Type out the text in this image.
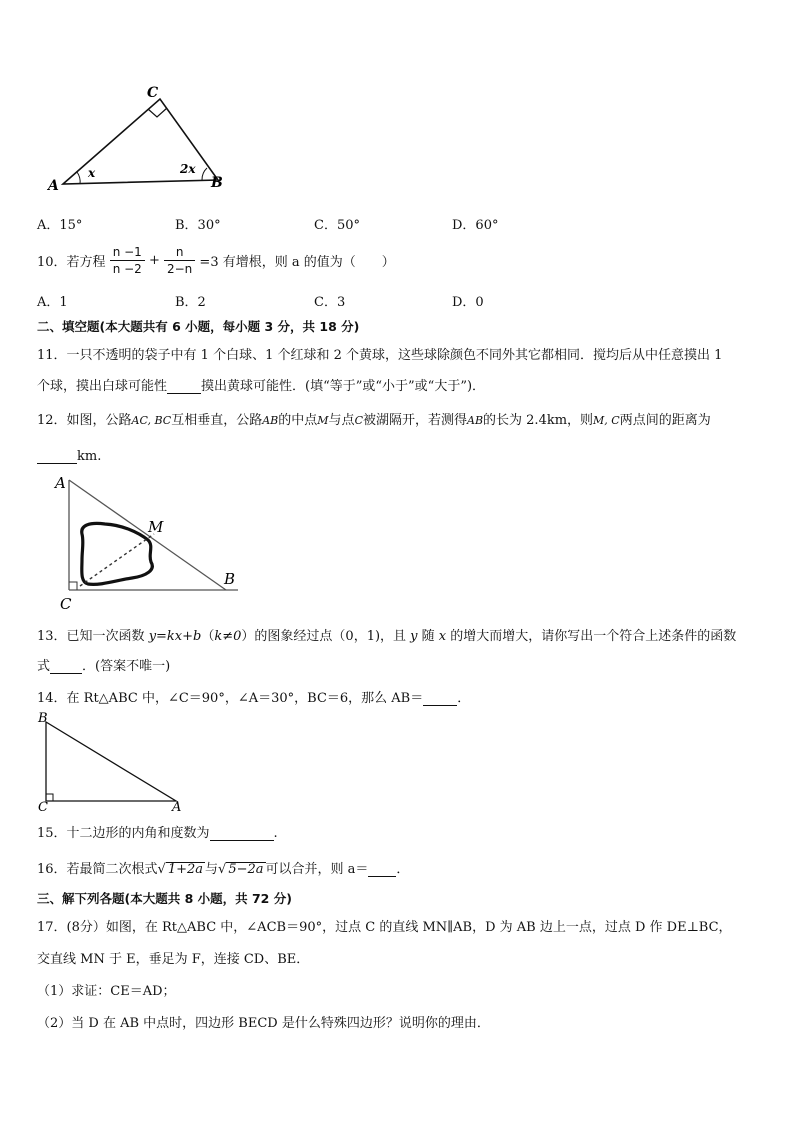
C
A	B
x	2x
A．15°	B．30°	C．50°	D．60°
10．若方程 $\frac{n -1}{n -2} + \frac{n}{2-n} =3$ 有增根，则 a 的值为（　　）
A．1	B．2	C．3	D．0
二、填空题(本大题共有 6 小题，每小题 3 分，共 18 分)
11．一只不透明的袋子中有 1 个白球、1 个红球和 2 个黄球，这些球除颜色不同外其它都相同．搅均后从中任意摸出 1
个球，摸出白球可能性	摸出黄球可能性．(填“等于”或“小于”或“大于”)．
12．如图，公路AC, BC互相垂直，公路AB的中点M与点C被湖隔开，若测得AB的长为 2.4km，则M, C两点间的距离为
km.
A
M
B
C
13．已知一次函数 y=kx+b（k≠0）的图象经过点（0，1)，且 y 随 x 的增大而增大，请你写出一个符合上述条件的函数
式 ．(答案不唯一)
14．在 Rt△ABC 中，∠C＝90°，∠A＝30°，BC＝6，那么 AB＝	．
B
C	A
15．十二边形的内角和度数为	.
16．若最简二次根式√ 1+2a 与√ 5−2a 可以合并，则 a＝ ．
三、解下列各题(本大题共 8 小题，共 72 分)
17．(8分）如图，在 Rt△ABC 中，∠ACB＝90°，过点 C 的直线 MN∥AB，D 为 AB 边上一点，过点 D 作 DE⊥BC，
交直线 MN 于 E，垂足为 F，连接 CD、BE．
（1）求证：CE＝AD；
（2）当 D 在 AB 中点时，四边形 BECD 是什么特殊四边形？说明你的理由．
